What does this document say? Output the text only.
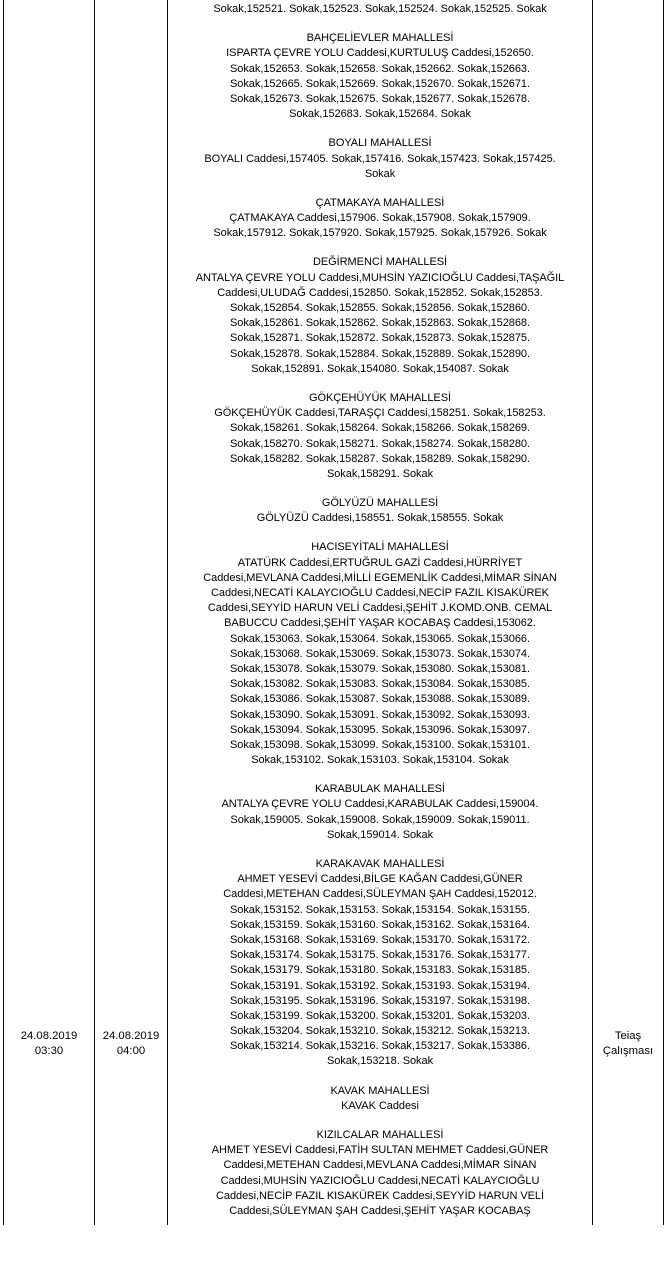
24.08.2019
03:30
24.08.2019
04:00
Sokak,152521. Sokak,152523. Sokak,152524. Sokak,152525. Sokak
BAHÇELİEVLER MAHALLESİ
ISPARTA ÇEVRE YOLU Caddesi,KURTULUŞ Caddesi,152650.
Sokak,152653. Sokak,152658. Sokak,152662. Sokak,152663.
Sokak,152665. Sokak,152669. Sokak,152670. Sokak,152671.
Sokak,152673. Sokak,152675. Sokak,152677. Sokak,152678.
Sokak,152683. Sokak,152684. Sokak
BOYALI MAHALLESİ
BOYALI Caddesi,157405. Sokak,157416. Sokak,157423. Sokak,157425.
Sokak
ÇATMAKAYA MAHALLESİ
ÇATMAKAYA Caddesi,157906. Sokak,157908. Sokak,157909.
Sokak,157912. Sokak,157920. Sokak,157925. Sokak,157926. Sokak
DEĞİRMENCİ MAHALLESİ
ANTALYA ÇEVRE YOLU Caddesi,MUHSİN YAZICIOĞLU Caddesi,TAŞAĞIL
Caddesi,ULUDAĞ Caddesi,152850. Sokak,152852. Sokak,152853.
Sokak,152854. Sokak,152855. Sokak,152856. Sokak,152860.
Sokak,152861. Sokak,152862. Sokak,152863. Sokak,152868.
Sokak,152871. Sokak,152872. Sokak,152873. Sokak,152875.
Sokak,152878. Sokak,152884. Sokak,152889. Sokak,152890.
Sokak,152891. Sokak,154080. Sokak,154087. Sokak
GÖKÇEHÜYÜK MAHALLESİ
GÖKÇEHÜYÜK Caddesi,TARAŞÇI Caddesi,158251. Sokak,158253.
Sokak,158261. Sokak,158264. Sokak,158266. Sokak,158269.
Sokak,158270. Sokak,158271. Sokak,158274. Sokak,158280.
Sokak,158282. Sokak,158287. Sokak,158289. Sokak,158290.
Sokak,158291. Sokak
GÖLYÜZÜ MAHALLESİ
GÖLYÜZÜ Caddesi,158551. Sokak,158555. Sokak
HACISEYİTALİ MAHALLESİ
ATATÜRK Caddesi,ERTUĞRUL GAZİ Caddesi,HÜRRİYET
Caddesi,MEVLANA Caddesi,MİLLİ EGEMENLİK Caddesi,MİMAR SİNAN
Caddesi,NECATİ KALAYCIOĞLU Caddesi,NECİP FAZIL KISAKÜREK
Caddesi,SEYYİD HARUN VELİ Caddesi,ŞEHİT J.KOMD.ONB. CEMAL
BABUCCU Caddesi,ŞEHİT YAŞAR KOCABAŞ Caddesi,153062.
Sokak,153063. Sokak,153064. Sokak,153065. Sokak,153066.
Sokak,153068. Sokak,153069. Sokak,153073. Sokak,153074.
Sokak,153078. Sokak,153079. Sokak,153080. Sokak,153081.
Sokak,153082. Sokak,153083. Sokak,153084. Sokak,153085.
Sokak,153086. Sokak,153087. Sokak,153088. Sokak,153089.
Sokak,153090. Sokak,153091. Sokak,153092. Sokak,153093.
Sokak,153094. Sokak,153095. Sokak,153096. Sokak,153097.
Sokak,153098. Sokak,153099. Sokak,153100. Sokak,153101.
Sokak,153102. Sokak,153103. Sokak,153104. Sokak
KARABULAK MAHALLESİ
ANTALYA ÇEVRE YOLU Caddesi,KARABULAK Caddesi,159004.
Sokak,159005. Sokak,159008. Sokak,159009. Sokak,159011.
Sokak,159014. Sokak
KARAKAVAK MAHALLESİ
AHMET YESEVİ Caddesi,BİLGE KAĞAN Caddesi,GÜNER
Caddesi,METEHAN Caddesi,SÜLEYMAN ŞAH Caddesi,152012.
Sokak,153152. Sokak,153153. Sokak,153154. Sokak,153155.
Sokak,153159. Sokak,153160. Sokak,153162. Sokak,153164.
Sokak,153168. Sokak,153169. Sokak,153170. Sokak,153172.
Sokak,153174. Sokak,153175. Sokak,153176. Sokak,153177.
Sokak,153179. Sokak,153180. Sokak,153183. Sokak,153185.
Sokak,153191. Sokak,153192. Sokak,153193. Sokak,153194.
Sokak,153195. Sokak,153196. Sokak,153197. Sokak,153198.
Sokak,153199. Sokak,153200. Sokak,153201. Sokak,153203.
Sokak,153204. Sokak,153210. Sokak,153212. Sokak,153213.
Sokak,153214. Sokak,153216. Sokak,153217. Sokak,153386.
Sokak,153218. Sokak
KAVAK MAHALLESİ
KAVAK Caddesi
KIZILCALAR MAHALLESİ
AHMET YESEVİ Caddesi,FATİH SULTAN MEHMET Caddesi,GÜNER
Caddesi,METEHAN Caddesi,MEVLANA Caddesi,MİMAR SİNAN
Caddesi,MUHSİN YAZICIOĞLU Caddesi,NECATİ KALAYCIOĞLU
Caddesi,NECİP FAZIL KISAKÜREK Caddesi,SEYYİD HARUN VELİ
Caddesi,SÜLEYMAN ŞAH Caddesi,ŞEHİT YAŞAR KOCABAŞ
Teiaş Çalışması
